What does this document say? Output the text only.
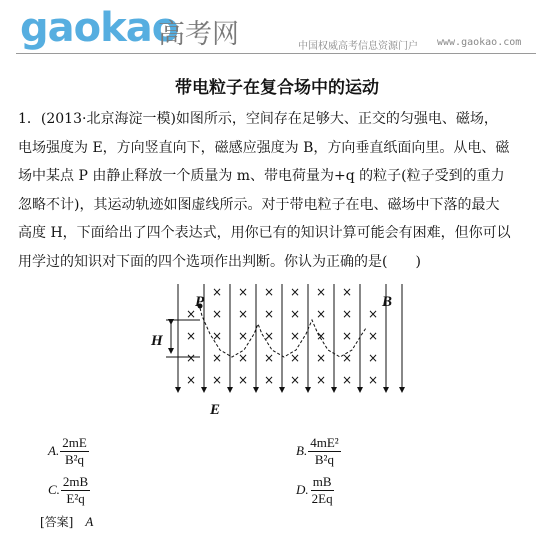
gaokao
高考网	中国权威高考信息资源门户 www.gaokao.com
带电粒子在复合场中的运动

1．(2013·北京海淀一模)如图所示，空间存在足够大、正交的匀强电、磁场，

电场强度为 E，方向竖直向下，磁感应强度为 B，方向垂直纸面向里。从电、磁

场中某点 P 由静止释放一个质量为 m、带电荷量为+q 的粒子(粒子受到的重力

忽略不计)，其运动轨迹如图虚线所示。对于带电粒子在电、磁场中下落的最大

高度 H，下面给出了四个表达式，用你已有的知识计算可能会有困难，但你可以

用学过的知识对下面的四个选项作出判断。你认为正确的是(　　)

× × × × × ×
× × × × × × × ×
× × × × × × × ×
× × × × × × × ×
× × × × × × × ×
P	B
H
E
A. $\frac{2mE}{\text{B²q}}$	B. $\frac{\text{4mE²}}{\text{B²q}}$
C. $\frac{2mB}{\text{E²q}}$	D. $\frac{mB}{2Eq}$
[答案] A
